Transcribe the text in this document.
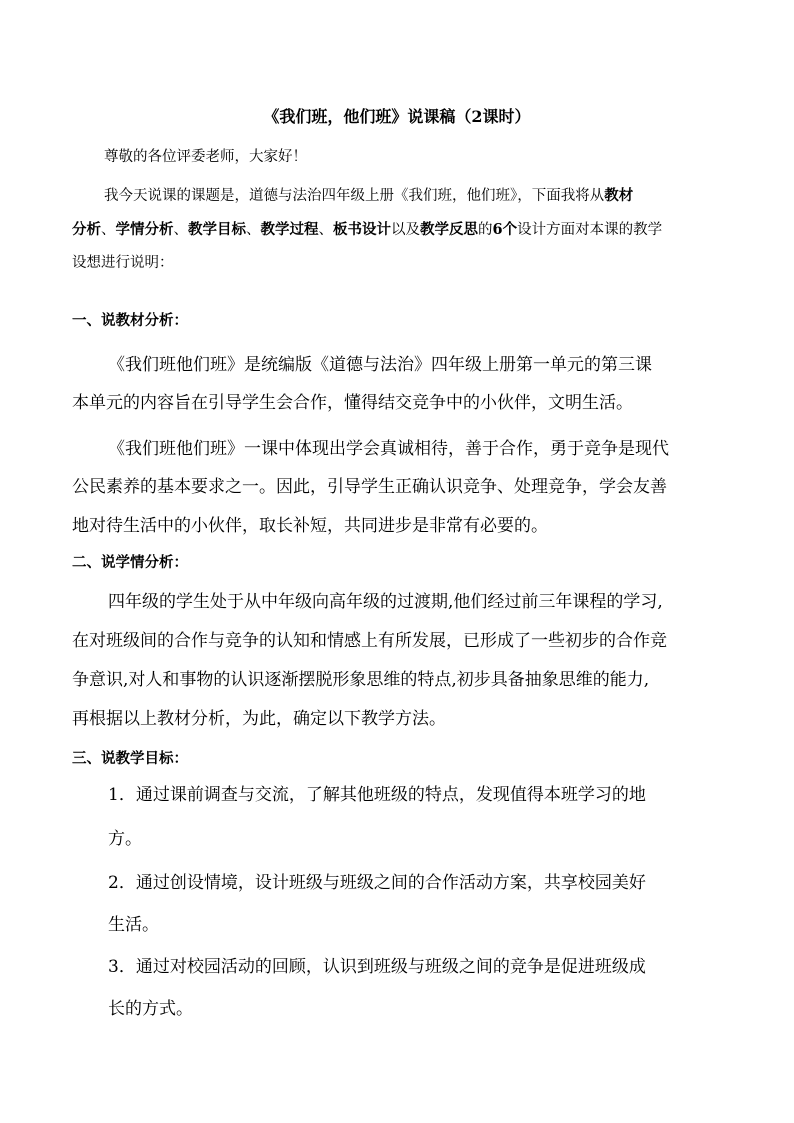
《我们班，他们班》说课稿（2课时）
尊敬的各位评委老师，大家好！
我今天说课的课题是，道德与法治四年级上册《我们班，他们班》，下面我将从教材
分析、学情分析、教学目标、教学过程、板书设计以及教学反思的6个设计方面对本课的教学
设想进行说明：
一、说教材分析：
《我们班他们班》是统编版《道德与法治》四年级上册第一单元的第三课
本单元的内容旨在引导学生会合作，懂得结交竞争中的小伙伴，文明生活。
《我们班他们班》一课中体现出学会真诚相待，善于合作，勇于竞争是现代
公民素养的基本要求之一。因此，引导学生正确认识竞争、处理竞争，学会友善
地对待生活中的小伙伴，取长补短，共同进步是非常有必要的。
二、说学情分析：
四年级的学生处于从中年级向高年级的过渡期,他们经过前三年课程的学习,
在对班级间的合作与竞争的认知和情感上有所发展，已形成了一些初步的合作竞
争意识,对人和事物的认识逐渐摆脱形象思维的特点,初步具备抽象思维的能力,
再根据以上教材分析，为此，确定以下教学方法。
三、说教学目标：
1．通过课前调查与交流，了解其他班级的特点，发现值得本班学习的地
方。
2．通过创设情境，设计班级与班级之间的合作活动方案，共享校园美好
生活。
3．通过对校园活动的回顾，认识到班级与班级之间的竞争是促进班级成
长的方式。
